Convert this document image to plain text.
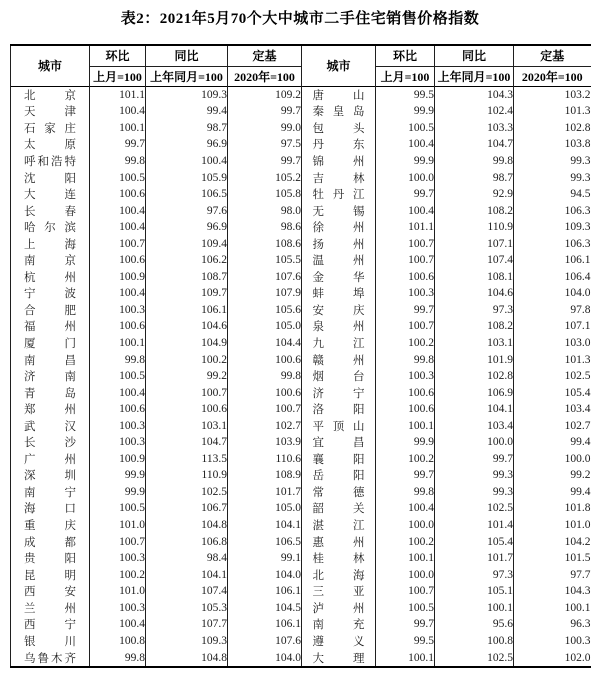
表2：2021年5月70个大中城市二手住宅销售价格指数
城市	环比	同比	定基	城市	环比	同比	定基
	上月=100	上年同月=100	2020年=100		上月=100	上年同月=100	2020年=100
北京	101.1	109.3	109.2	唐山	99.5	104.3	103.2
天津	100.4	99.4	99.7	秦皇岛	99.9	102.4	101.3
石家庄	100.1	98.7	99.0	包头	100.5	103.3	102.8
太原	99.7	96.9	97.5	丹东	100.4	104.7	103.8
呼和浩特	99.8	100.4	99.7	锦州	99.9	99.8	99.3
沈阳	100.5	105.9	105.2	吉林	100.0	98.7	99.3
大连	100.6	106.5	105.8	牡丹江	99.7	92.9	94.5
长春	100.4	97.6	98.0	无锡	100.4	108.2	106.3
哈尔滨	100.4	96.9	98.6	徐州	101.1	110.9	109.3
上海	100.7	109.4	108.6	扬州	100.7	107.1	106.3
南京	100.6	106.2	105.5	温州	100.7	107.4	106.1
杭州	100.9	108.7	107.6	金华	100.6	108.1	106.4
宁波	100.4	109.7	107.9	蚌埠	100.3	104.6	104.0
合肥	100.3	106.1	105.6	安庆	99.7	97.3	97.8
福州	100.6	104.6	105.0	泉州	100.7	108.2	107.1
厦门	100.1	104.9	104.4	九江	100.2	103.1	103.0
南昌	99.8	100.2	100.6	赣州	99.8	101.9	101.3
济南	100.5	99.2	99.8	烟台	100.3	102.8	102.5
青岛	100.4	100.7	100.6	济宁	100.6	106.9	105.4
郑州	100.6	100.6	100.7	洛阳	100.6	104.1	103.4
武汉	100.3	103.1	102.7	平顶山	100.1	103.4	102.7
长沙	100.3	104.7	103.9	宜昌	99.9	100.0	99.4
广州	100.9	113.5	110.6	襄阳	100.2	99.7	100.0
深圳	99.9	110.9	108.9	岳阳	99.7	99.3	99.2
南宁	99.9	102.5	101.7	常德	99.8	99.3	99.4
海口	100.5	106.7	105.0	韶关	100.4	102.5	101.8
重庆	101.0	104.8	104.1	湛江	100.0	101.4	101.0
成都	100.7	106.8	106.5	惠州	100.2	105.4	104.2
贵阳	100.3	98.4	99.1	桂林	100.1	101.7	101.5
昆明	100.2	104.1	104.0	北海	100.0	97.3	97.7
西安	101.0	107.4	106.1	三亚	100.7	105.1	104.3
兰州	100.3	105.3	104.5	泸州	100.5	100.1	100.1
西宁	100.4	107.7	106.1	南充	99.7	95.6	96.3
银川	100.8	109.3	107.6	遵义	99.5	100.8	100.3
乌鲁木齐	99.8	104.8	104.0	大理	100.1	102.5	102.0
